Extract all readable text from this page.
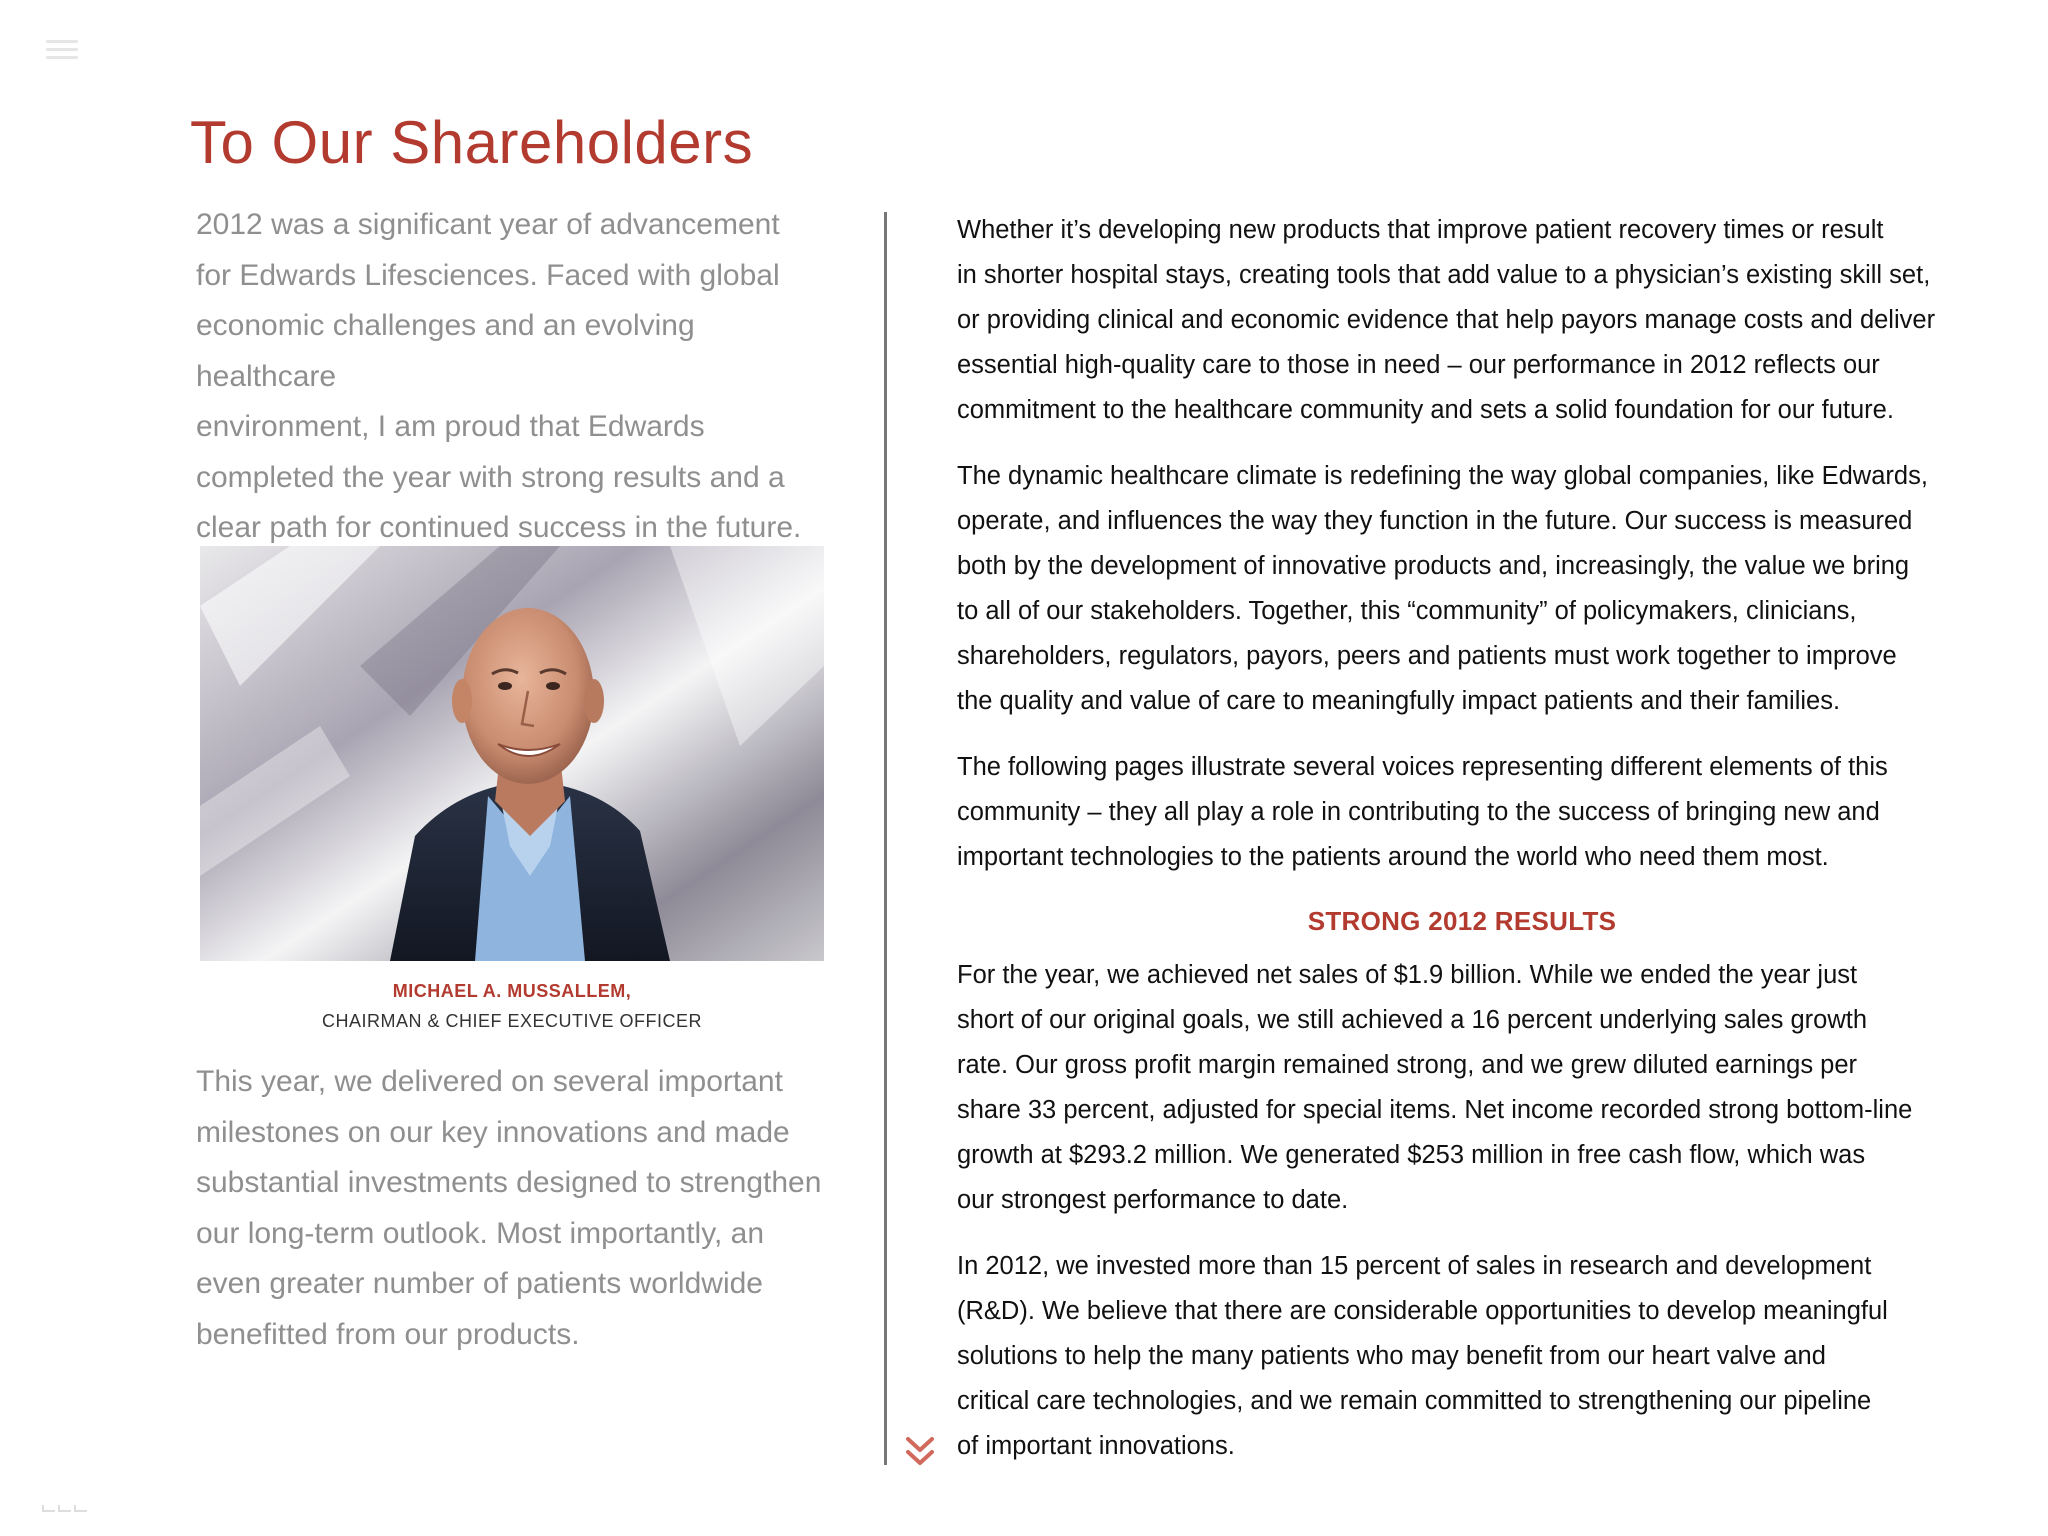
To Our Shareholders

2012 was a significant year of advancement
for Edwards Lifesciences. Faced with global
economic challenges and an evolving healthcare
environment, I am proud that Edwards
completed the year with strong results and a
clear path for continued success in the future.

MICHAEL A. MUSSALLEM,
CHAIRMAN & CHIEF EXECUTIVE OFFICER

This year, we delivered on several important
milestones on our key innovations and made
substantial investments designed to strengthen
our long-term outlook. Most importantly, an
even greater number of patients worldwide
benefitted from our products.

Whether it’s developing new products that improve patient recovery times or result
in shorter hospital stays, creating tools that add value to a physician’s existing skill set,
or providing clinical and economic evidence that help payors manage costs and deliver
essential high-quality care to those in need – our performance in 2012 reflects our
commitment to the healthcare community and sets a solid foundation for our future.

The dynamic healthcare climate is redefining the way global companies, like Edwards,
operate, and influences the way they function in the future. Our success is measured
both by the development of innovative products and, increasingly, the value we bring
to all of our stakeholders. Together, this “community” of policymakers, clinicians,
shareholders, regulators, payors, peers and patients must work together to improve
the quality and value of care to meaningfully impact patients and their families.

The following pages illustrate several voices representing different elements of this
community – they all play a role in contributing to the success of bringing new and
important technologies to the patients around the world who need them most.

STRONG 2012 RESULTS

For the year, we achieved net sales of $1.9 billion. While we ended the year just
short of our original goals, we still achieved a 16 percent underlying sales growth
rate. Our gross profit margin remained strong, and we grew diluted earnings per
share 33 percent, adjusted for special items. Net income recorded strong bottom-line
growth at $293.2 million. We generated $253 million in free cash flow, which was
our strongest performance to date.

In 2012, we invested more than 15 percent of sales in research and development
(R&D). We believe that there are considerable opportunities to develop meaningful
solutions to help the many patients who may benefit from our heart valve and
critical care technologies, and we remain committed to strengthening our pipeline
of important innovations.
